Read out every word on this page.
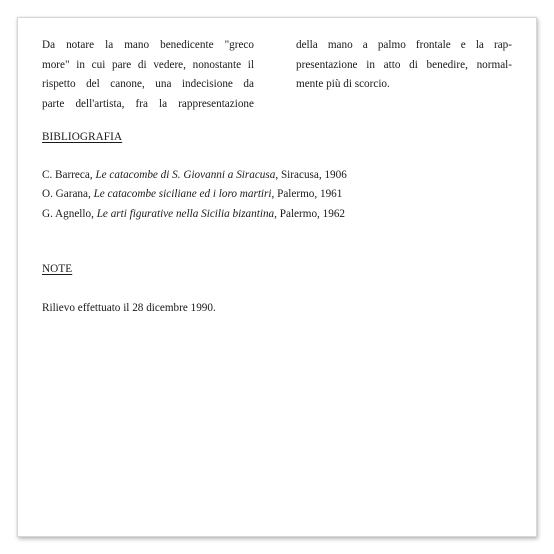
Da notare la mano benedicente "greco
more" in cui pare di vedere, nonostante il
rispetto del canone, una indecisione da
parte dell'artista, fra la rappresentazione
della mano a palmo frontale e la rap-
presentazione in atto di benedire, normal-
mente più di scorcio.
BIBLIOGRAFIA
C. Barreca, Le catacombe di S. Giovanni a Siracusa, Siracusa, 1906
O. Garana, Le catacombe siciliane ed i loro martiri, Palermo, 1961
G. Agnello, Le arti figurative nella Sicilia bizantina, Palermo, 1962
NOTE
Rilievo effettuato il 28 dicembre 1990.
